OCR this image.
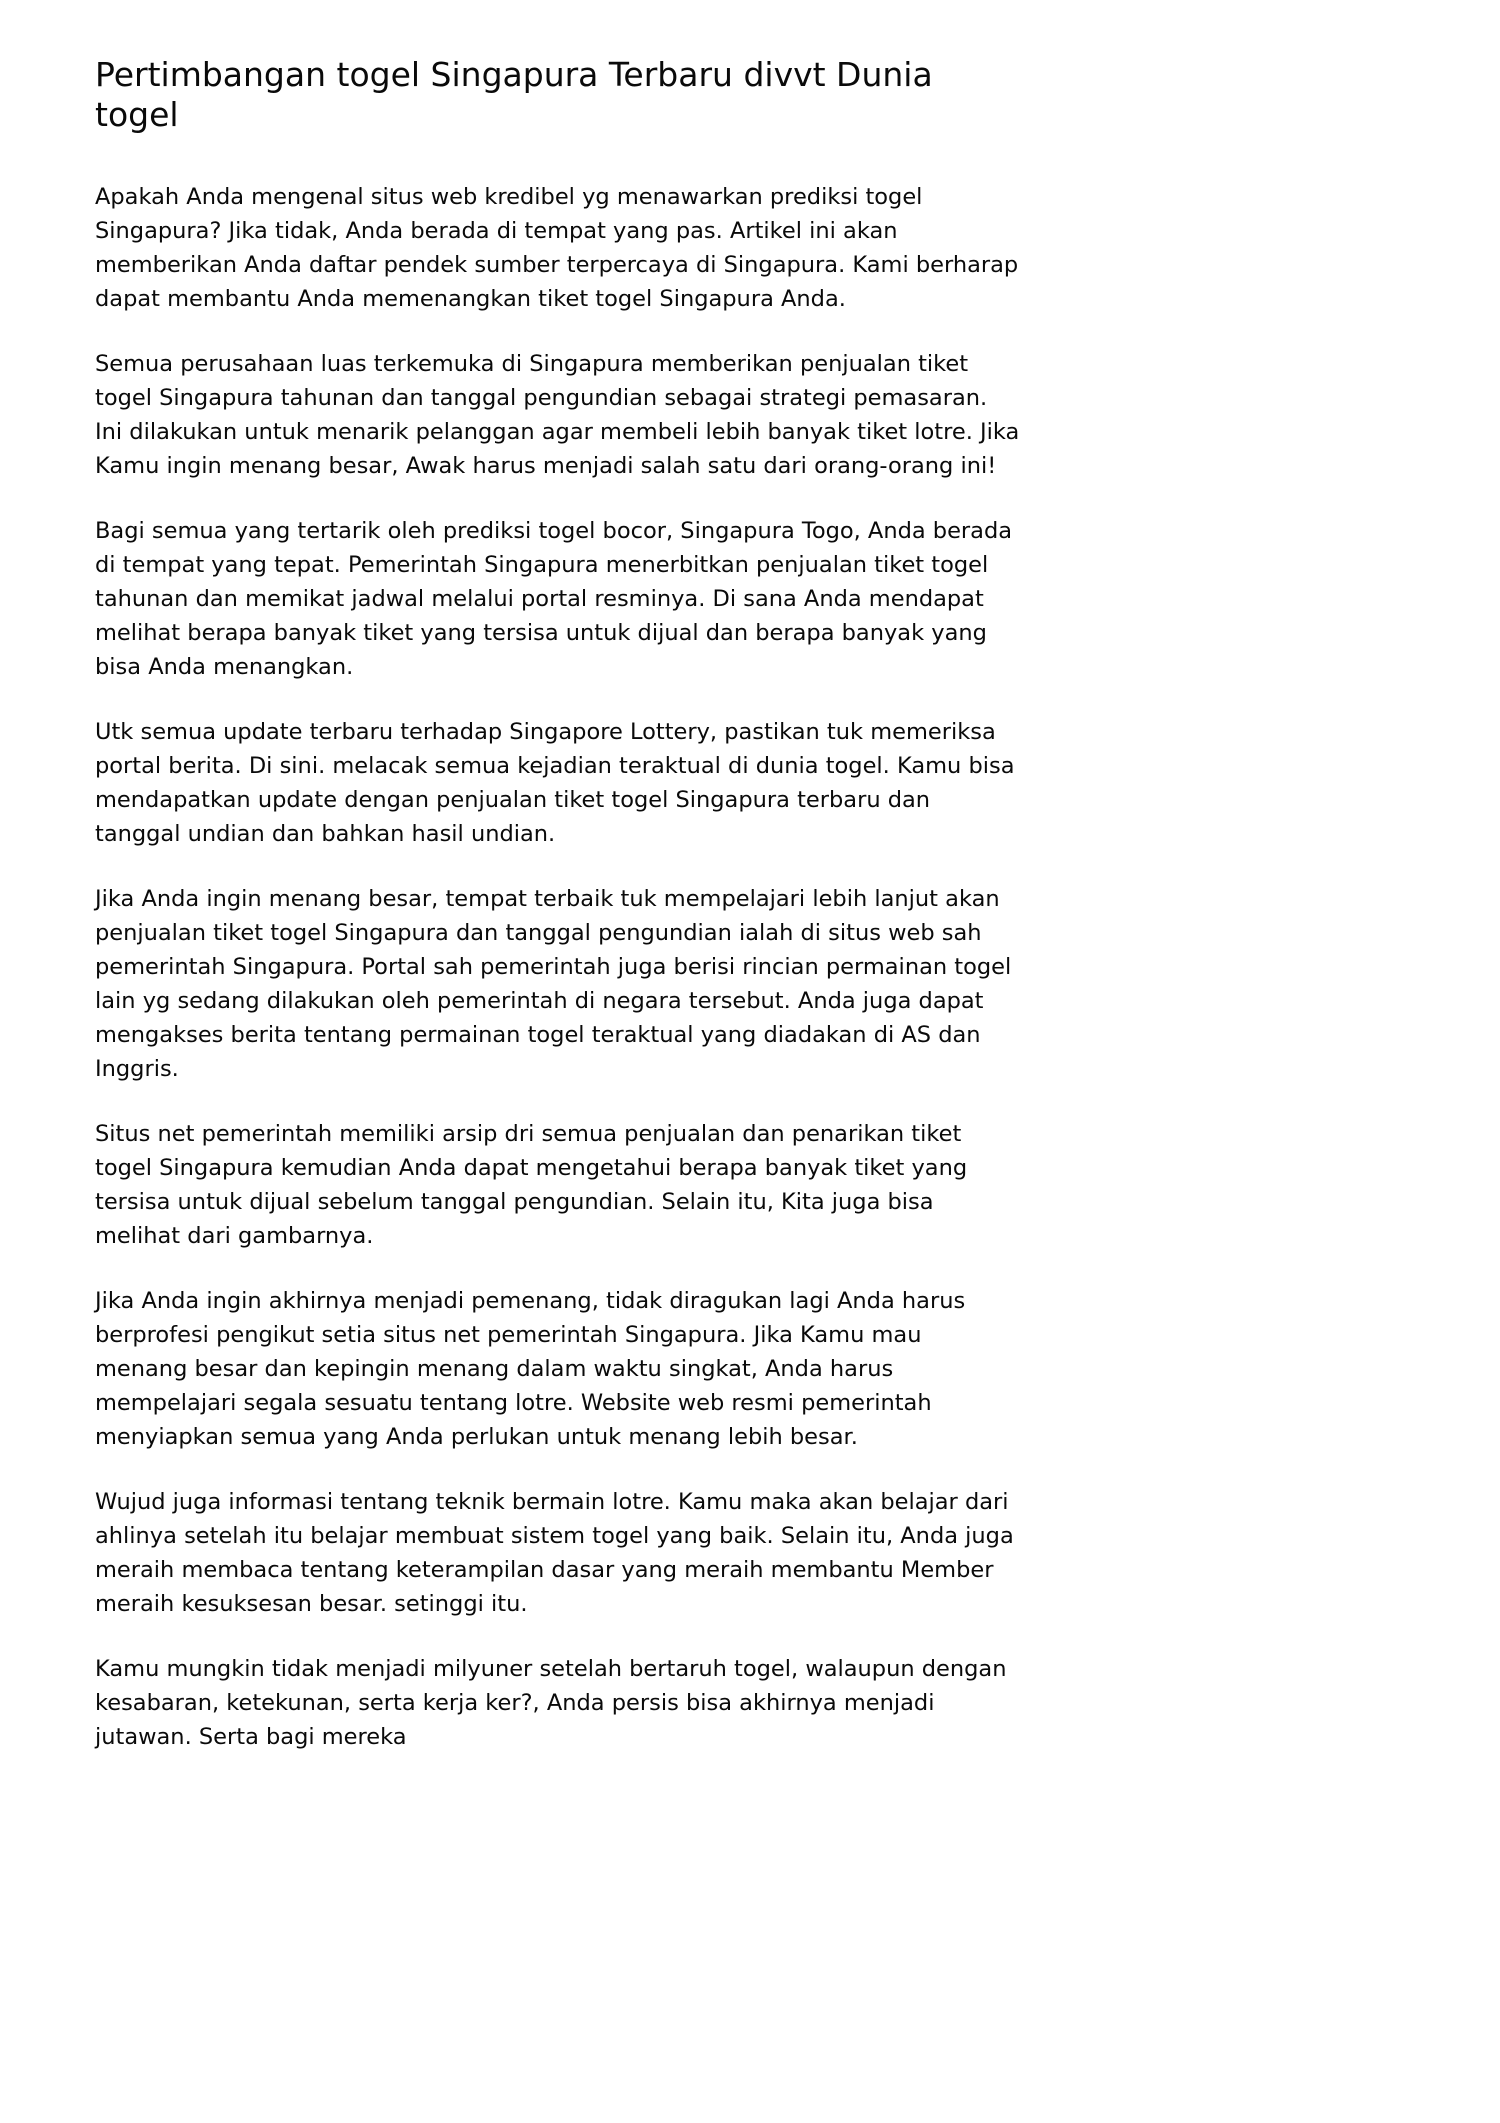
Pertimbangan togel Singapura Terbaru divvt Dunia togel

Apakah Anda mengenal situs web kredibel yg menawarkan prediksi togel Singapura? Jika tidak, Anda berada di tempat yang pas. Artikel ini akan memberikan Anda daftar pendek sumber terpercaya di Singapura. Kami berharap dapat membantu Anda memenangkan tiket togel Singapura Anda.

Semua perusahaan luas terkemuka di Singapura memberikan penjualan tiket togel Singapura tahunan dan tanggal pengundian sebagai strategi pemasaran. Ini dilakukan untuk menarik pelanggan agar membeli lebih banyak tiket lotre. Jika Kamu ingin menang besar, Awak harus menjadi salah satu dari orang-orang ini!

Bagi semua yang tertarik oleh prediksi togel bocor, Singapura Togo, Anda berada di tempat yang tepat. Pemerintah Singapura menerbitkan penjualan tiket togel tahunan dan memikat jadwal melalui portal resminya. Di sana Anda mendapat melihat berapa banyak tiket yang tersisa untuk dijual dan berapa banyak yang bisa Anda menangkan.

Utk semua update terbaru terhadap Singapore Lottery, pastikan tuk memeriksa portal berita. Di sini. melacak semua kejadian teraktual di dunia togel. Kamu bisa mendapatkan update dengan penjualan tiket togel Singapura terbaru dan tanggal undian dan bahkan hasil undian.

Jika Anda ingin menang besar, tempat terbaik tuk mempelajari lebih lanjut akan penjualan tiket togel Singapura dan tanggal pengundian ialah di situs web sah pemerintah Singapura. Portal sah pemerintah juga berisi rincian permainan togel lain yg sedang dilakukan oleh pemerintah di negara tersebut. Anda juga dapat mengakses berita tentang permainan togel teraktual yang diadakan di AS dan Inggris.

Situs net pemerintah memiliki arsip dri semua penjualan dan penarikan tiket togel Singapura kemudian Anda dapat mengetahui berapa banyak tiket yang tersisa untuk dijual sebelum tanggal pengundian. Selain itu, Kita juga bisa melihat dari gambarnya.

Jika Anda ingin akhirnya menjadi pemenang, tidak diragukan lagi Anda harus berprofesi pengikut setia situs net pemerintah Singapura. Jika Kamu mau menang besar dan kepingin menang dalam waktu singkat, Anda harus mempelajari segala sesuatu tentang lotre. Website web resmi pemerintah menyiapkan semua yang Anda perlukan untuk menang lebih besar.

Wujud juga informasi tentang teknik bermain lotre. Kamu maka akan belajar dari ahlinya setelah itu belajar membuat sistem togel yang baik. Selain itu, Anda juga meraih membaca tentang keterampilan dasar yang meraih membantu Member meraih kesuksesan besar. setinggi itu.

Kamu mungkin tidak menjadi milyuner setelah bertaruh togel, walaupun dengan kesabaran, ketekunan, serta kerja ker?, Anda persis bisa akhirnya menjadi jutawan. Serta bagi mereka
